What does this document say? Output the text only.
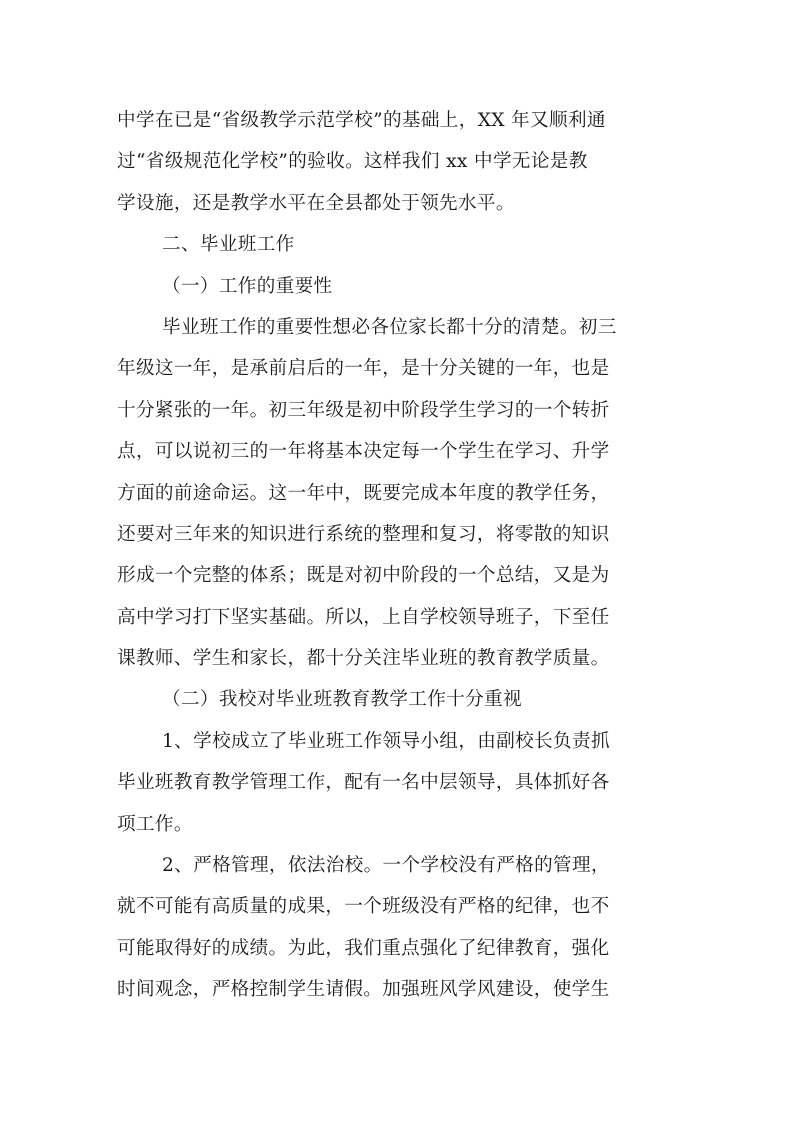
中学在已是“省级教学示范学校”的基础上，XX 年又顺利通
过“省级规范化学校”的验收。这样我们 xx 中学无论是教
学设施，还是教学水平在全县都处于领先水平。
二、毕业班工作
（一）工作的重要性
毕业班工作的重要性想必各位家长都十分的清楚。初三
年级这一年，是承前启后的一年，是十分关键的一年，也是
十分紧张的一年。初三年级是初中阶段学生学习的一个转折
点，可以说初三的一年将基本决定每一个学生在学习、升学
方面的前途命运。这一年中，既要完成本年度的教学任务，
还要对三年来的知识进行系统的整理和复习，将零散的知识
形成一个完整的体系；既是对初中阶段的一个总结，又是为
高中学习打下坚实基础。所以，上自学校领导班子，下至任
课教师、学生和家长，都十分关注毕业班的教育教学质量。
（二）我校对毕业班教育教学工作十分重视
1、学校成立了毕业班工作领导小组，由副校长负责抓
毕业班教育教学管理工作，配有一名中层领导，具体抓好各
项工作。
2、严格管理，依法治校。一个学校没有严格的管理，
就不可能有高质量的成果，一个班级没有严格的纪律，也不
可能取得好的成绩。为此，我们重点强化了纪律教育，强化
时间观念，严格控制学生请假。加强班风学风建设，使学生
